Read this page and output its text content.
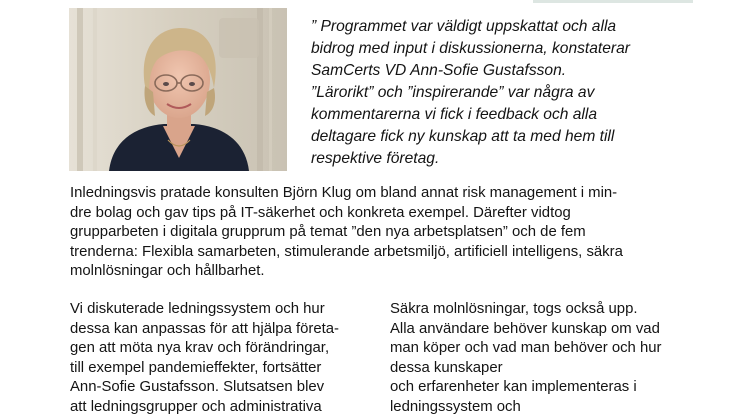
” Programmet var väldigt uppskattat och alla
bidrog med input i diskussionerna, konstaterar
SamCerts VD Ann-Sofie Gustafsson.
”Lärorikt” och ”inspirerande” var några av
kommentarerna vi fick i feedback och alla
deltagare fick ny kunskap att ta med hem till
respektive företag.

Inledningsvis pratade konsulten Björn Klug om bland annat risk management i min-
dre bolag och gav tips på IT-säkerhet och konkreta exempel. Därefter vidtog
grupparbeten i digitala grupprum på temat ”den nya arbetsplatsen” och de fem
trenderna: Flexibla samarbeten, stimulerande arbetsmiljö, artificiell intelligens, säkra
molnlösningar och hållbarhet.

Vi diskuterade ledningssystem och hur
dessa kan anpassas för att hjälpa företa-
gen att möta nya krav och förändringar,
till exempel pandemieffekter, fortsätter
Ann-Sofie Gustafsson. Slutsatsen blev
att ledningsgrupper och administrativa

Säkra molnlösningar, togs också upp.
Alla användare behöver kunskap om vad
man köper och vad man behöver och hur
dessa kunskaper
och erfarenheter kan implementeras i
ledningssystem och
